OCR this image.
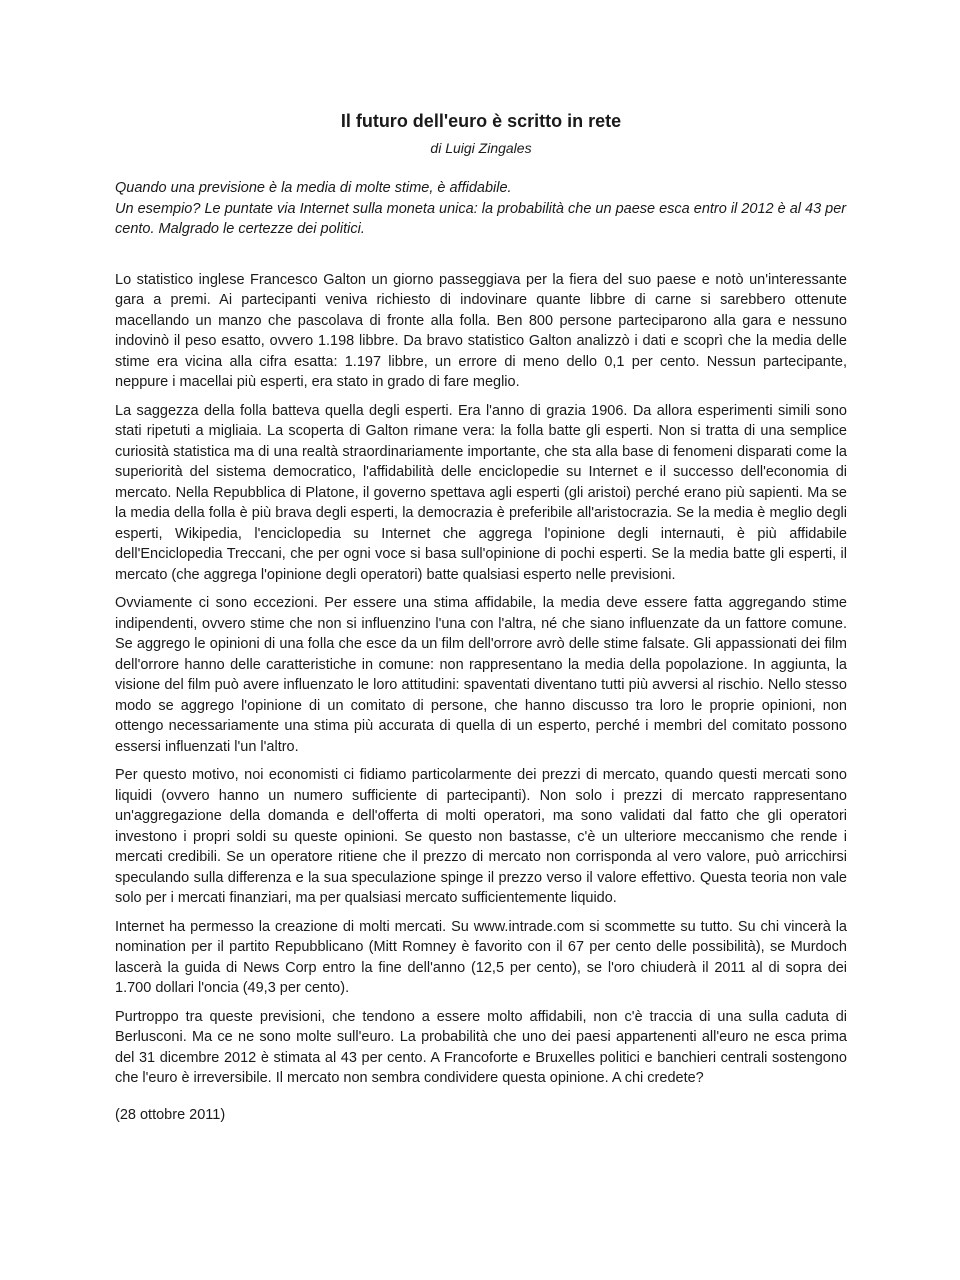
Il futuro dell'euro è scritto in rete
di Luigi Zingales

Quando una previsione è la media di molte stime, è affidabile.

Un esempio? Le puntate via Internet sulla moneta unica: la probabilità che un paese esca entro il 2012 è al 43 per cento. Malgrado le certezze dei politici.

Lo statistico inglese Francesco Galton un giorno passeggiava per la fiera del suo paese e notò un'interessante gara a premi. Ai partecipanti veniva richiesto di indovinare quante libbre di carne si sarebbero ottenute macellando un manzo che pascolava di fronte alla folla. Ben 800 persone parteciparono alla gara e nessuno indovinò il peso esatto, ovvero 1.198 libbre. Da bravo statistico Galton analizzò i dati e scoprì che la media delle stime era vicina alla cifra esatta: 1.197 libbre, un errore di meno dello 0,1 per cento. Nessun partecipante, neppure i macellai più esperti, era stato in grado di fare meglio.

La saggezza della folla batteva quella degli esperti. Era l'anno di grazia 1906. Da allora esperimenti simili sono stati ripetuti a migliaia. La scoperta di Galton rimane vera: la folla batte gli esperti. Non si tratta di una semplice curiosità statistica ma di una realtà straordinariamente importante, che sta alla base di fenomeni disparati come la superiorità del sistema democratico, l'affidabilità delle enciclopedie su Internet e il successo dell'economia di mercato. Nella Repubblica di Platone, il governo spettava agli esperti (gli aristoi) perché erano più sapienti. Ma se la media della folla è più brava degli esperti, la democrazia è preferibile all'aristocrazia. Se la media è meglio degli esperti, Wikipedia, l'enciclopedia su Internet che aggrega l'opinione degli internauti, è più affidabile dell'Enciclopedia Treccani, che per ogni voce si basa sull'opinione di pochi esperti. Se la media batte gli esperti, il mercato (che aggrega l'opinione degli operatori) batte qualsiasi esperto nelle previsioni.

Ovviamente ci sono eccezioni. Per essere una stima affidabile, la media deve essere fatta aggregando stime indipendenti, ovvero stime che non si influenzino l'una con l'altra, né che siano influenzate da un fattore comune. Se aggrego le opinioni di una folla che esce da un film dell'orrore avrò delle stime falsate. Gli appassionati dei film dell'orrore hanno delle caratteristiche in comune: non rappresentano la media della popolazione. In aggiunta, la visione del film può avere influenzato le loro attitudini: spaventati diventano tutti più avversi al rischio. Nello stesso modo se aggrego l'opinione di un comitato di persone, che hanno discusso tra loro le proprie opinioni, non ottengo necessariamente una stima più accurata di quella di un esperto, perché i membri del comitato possono essersi influenzati l'un l'altro.

Per questo motivo, noi economisti ci fidiamo particolarmente dei prezzi di mercato, quando questi mercati sono liquidi (ovvero hanno un numero sufficiente di partecipanti). Non solo i prezzi di mercato rappresentano un'aggregazione della domanda e dell'offerta di molti operatori, ma sono validati dal fatto che gli operatori investono i propri soldi su queste opinioni. Se questo non bastasse, c'è un ulteriore meccanismo che rende i mercati credibili. Se un operatore ritiene che il prezzo di mercato non corrisponda al vero valore, può arricchirsi speculando sulla differenza e la sua speculazione spinge il prezzo verso il valore effettivo. Questa teoria non vale solo per i mercati finanziari, ma per qualsiasi mercato sufficientemente liquido.

Internet ha permesso la creazione di molti mercati. Su www.intrade.com si scommette su tutto. Su chi vincerà la nomination per il partito Repubblicano (Mitt Romney è favorito con il 67 per cento delle possibilità), se Murdoch lascerà la guida di News Corp entro la fine dell'anno (12,5 per cento), se l'oro chiuderà il 2011 al di sopra dei 1.700 dollari l'oncia (49,3 per cento).

Purtroppo tra queste previsioni, che tendono a essere molto affidabili, non c'è traccia di una sulla caduta di Berlusconi. Ma ce ne sono molte sull'euro. La probabilità che uno dei paesi appartenenti all'euro ne esca prima del 31 dicembre 2012 è stimata al 43 per cento. A Francoforte e Bruxelles politici e banchieri centrali sostengono che l'euro è irreversibile. Il mercato non sembra condividere questa opinione. A chi credete?

(28 ottobre 2011)
